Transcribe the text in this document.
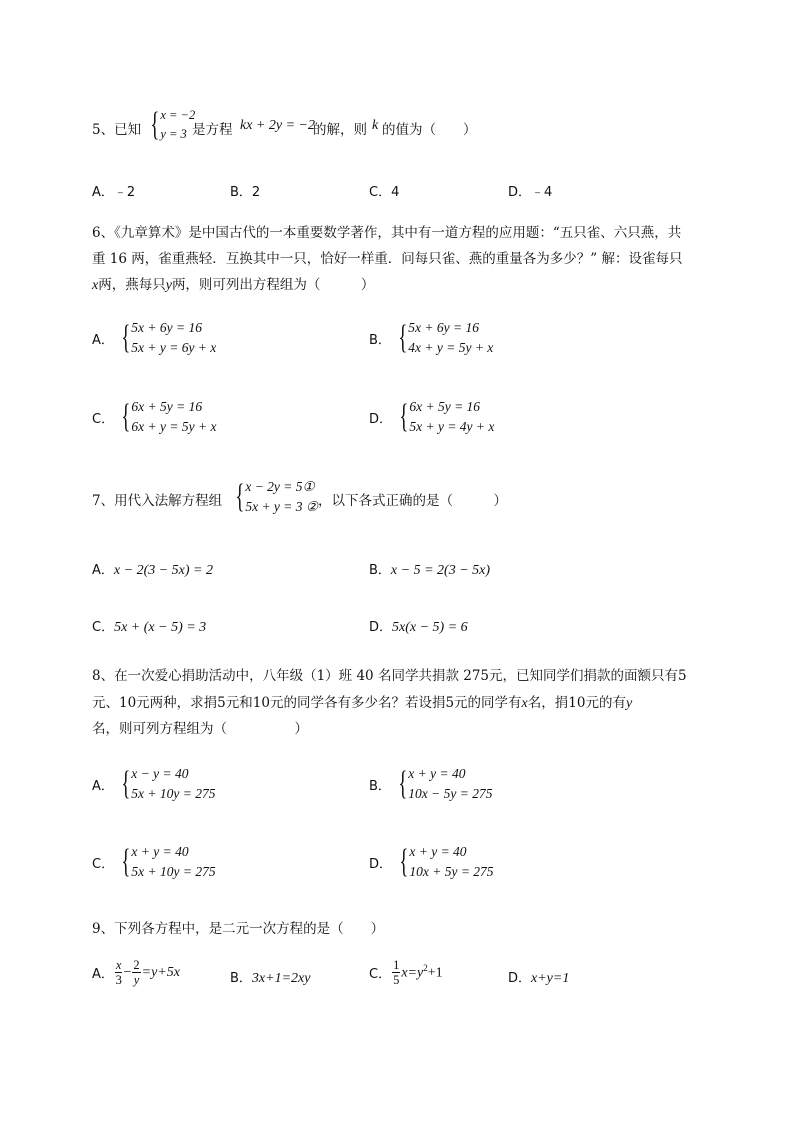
5、已知 { x = −2
y = 3 是方程 kx + 2y = −2
的解，则 k 的值为（　　）
A．﹣2	B．2	C．4	D．﹣4
6、《九章算术》是中国古代的一本重要数学著作，其中有一道方程的应用题：“五只雀、六只燕，共
重 16 两，雀重燕轻．互换其中一只，恰好一样重．问每只雀、燕的重量各为多少？” 解：设雀每只
x两，燕每只y两，则可列出方程组为（　　　）
A． { 5x + 6y = 16
5x + y = 6y + x	B． { 5x + 6y = 16
4x + y = 5y + x
C． { 6x + 5y = 16
6x + y = 5y + x	D． { 6x + 5y = 16
5x + y = 4y + x
7、用代入法解方程组 { x − 2y = 5①
5x + y = 3 ② ，以下各式正确的是（　　　）
A．x − 2(3 − 5x) = 2	B．x − 5 = 2(3 − 5x)
C．5x + (x − 5) = 3	D．5x(x − 5) = 6
8、在一次爱心捐助活动中，八年级（1）班 40 名同学共捐款 275元，已知同学们捐款的面额只有5
元、10元两种，求捐5元和10元的同学各有多少名？若设捐5元的同学有x名，捐10元的有y
名，则可列方程组为（　　　　　）
A． { x − y = 40
5x + 10y = 275	B． { x + y = 40
10x − 5y = 275
C． { x + y = 40
5x + 10y = 275	D． { x + y = 40
10x + 5y = 275
9、下列各方程中，是二元一次方程的是（　　）
A． $\frac{x}{3} - \frac{2}{y} =y+5x$	B．3x+1=2xy	C． $\frac{1}{5} x=y^2+1$	D．x+y=1
